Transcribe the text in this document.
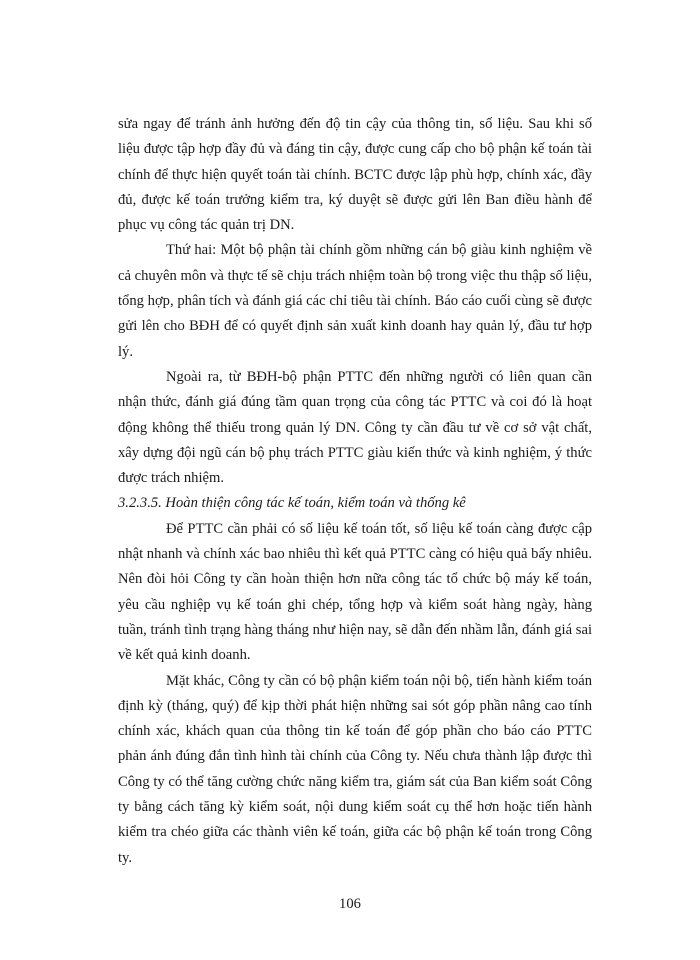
sửa ngay để tránh ảnh hưởng đến độ tin cậy của thông tin, số liệu. Sau khi số liệu được tập hợp đầy đủ và đáng tin cậy, được cung cấp cho bộ phận kế toán tài chính để thực hiện quyết toán tài chính. BCTC được lập phù hợp, chính xác, đầy đủ, được kế toán trưởng kiểm tra, ký duyệt sẽ được gửi lên Ban điều hành để phục vụ công tác quản trị DN.

Thứ hai: Một bộ phận tài chính gồm những cán bộ giàu kinh nghiệm về cả chuyên môn và thực tế sẽ chịu trách nhiệm toàn bộ trong việc thu thập số liệu, tổng hợp, phân tích và đánh giá các chỉ tiêu tài chính. Báo cáo cuối cùng sẽ được gửi lên cho BĐH để có quyết định sản xuất kinh doanh hay quản lý, đầu tư hợp lý.

Ngoài ra, từ BĐH-bộ phận PTTC đến những người có liên quan cần nhận thức, đánh giá đúng tầm quan trọng của công tác PTTC và coi đó là hoạt động không thể thiếu trong quản lý DN. Công ty cần đầu tư về cơ sở vật chất, xây dựng đội ngũ cán bộ phụ trách PTTC giàu kiến thức và kinh nghiệm, ý thức được trách nhiệm.

3.2.3.5. Hoàn thiện công tác kế toán, kiểm toán và thống kê

Để PTTC cần phải có số liệu kế toán tốt, số liệu kế toán càng được cập nhật nhanh và chính xác bao nhiêu thì kết quả PTTC càng có hiệu quả bấy nhiêu. Nên đòi hỏi Công ty cần hoàn thiện hơn nữa công tác tổ chức bộ máy kế toán, yêu cầu nghiệp vụ kế toán ghi chép, tổng hợp và kiểm soát hàng ngày, hàng tuần, tránh tình trạng hàng tháng như hiện nay, sẽ dẫn đến nhầm lẫn, đánh giá sai về kết quả kinh doanh.

Mặt khác, Công ty cần có bộ phận kiểm toán nội bộ, tiến hành kiểm toán định kỳ (tháng, quý) để kịp thời phát hiện những sai sót góp phần nâng cao tính chính xác, khách quan của thông tin kế toán để góp phần cho báo cáo PTTC phản ánh đúng đắn tình hình tài chính của Công ty. Nếu chưa thành lập được thì Công ty có thể tăng cường chức năng kiểm tra, giám sát của Ban kiểm soát Công ty bằng cách tăng kỳ kiểm soát, nội dung kiểm soát cụ thể hơn hoặc tiến hành kiểm tra chéo giữa các thành viên kế toán, giữa các bộ phận kế toán trong Công ty.

106
